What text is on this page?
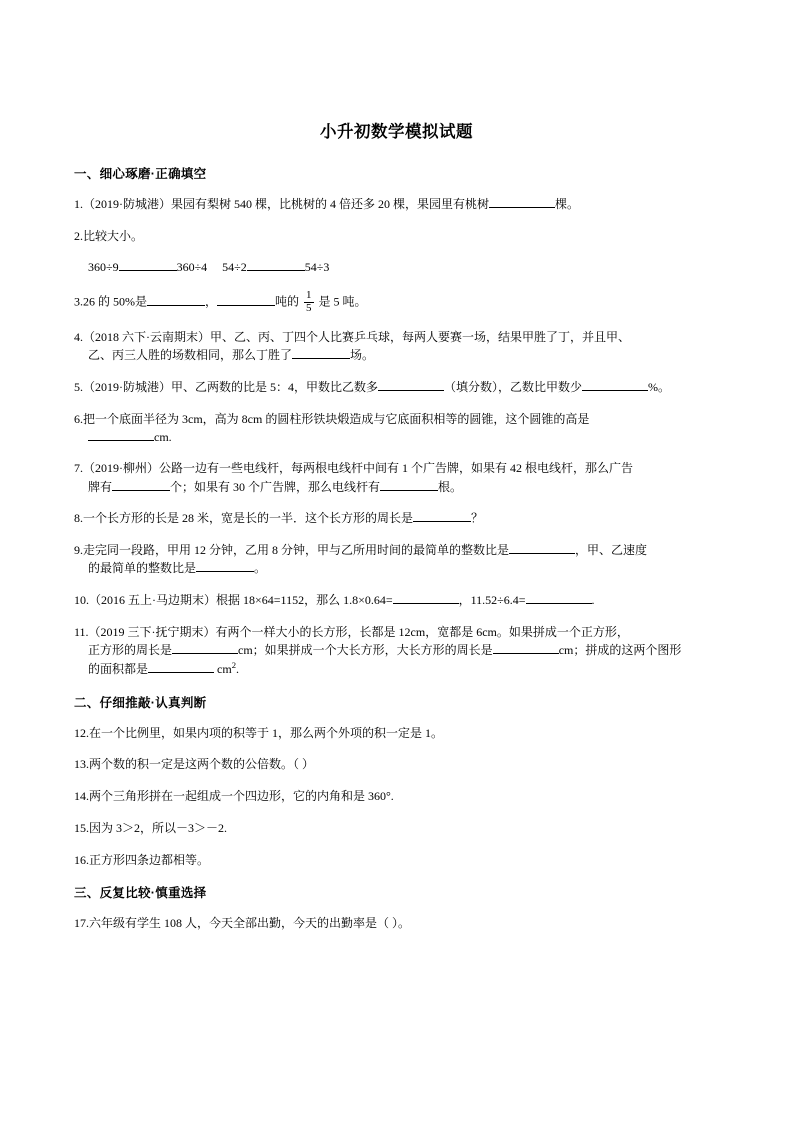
小升初数学模拟试题
一、细心琢磨·正确填空
1.（2019·防城港）果园有梨树 540 棵，比桃树的 4 倍还多 20 棵，果园里有桃树	棵。
2.比较大小。
360÷9	360÷4     54÷2	54÷3
3.26 的 50%是	，	吨的 $\frac{1}{5}$ 是 5 吨。
4.（2018 六下·云南期末）甲、乙、丙、丁四个人比赛乒乓球，每两人要赛一场，结果甲胜了丁，并且甲、
乙、丙三人胜的场数相同，那么丁胜了	场。
5.（2019·防城港）甲、乙两数的比是 5：4，甲数比乙数多	（填分数），乙数比甲数少	%。
6.把一个底面半径为 3cm，高为 8cm 的圆柱形铁块煅造成与它底面积相等的圆锥，这个圆锥的高是
cm.
7.（2019·柳州）公路一边有一些电线杆，每两根电线杆中间有 1 个广告牌，如果有 42 根电线杆，那么广告
牌有	个；如果有 30 个广告牌，那么电线杆有	根。
8.一个长方形的长是 28 米，宽是长的一半．这个长方形的周长是	？
9.走完同一段路，甲用 12 分钟，乙用 8 分钟，甲与乙所用时间的最简单的整数比是	，甲、乙速度
的最简单的整数比是	。
10.（2016 五上·马边期末）根据 18×64=1152，那么 1.8×0.64=	，11.52÷6.4=	.
11.（2019 三下·抚宁期末）有两个一样大小的长方形，长都是 12cm，宽都是 6cm。如果拼成一个正方形，
正方形的周长是	cm；如果拼成一个大长方形，大长方形的周长是	cm；拼成的这两个图形
的面积都是	$cm^2$.
二、仔细推敲·认真判断
12.在一个比例里，如果内项的积等于 1，那么两个外项的积一定是 1。
13.两个数的积一定是这两个数的公倍数。（ ）
14.两个三角形拼在一起组成一个四边形，它的内角和是 360°.
15.因为 3＞2，所以－3＞－2.
16.正方形四条边都相等。
三、反复比较·慎重选择
17.六年级有学生 108 人，今天全部出勤，今天的出勤率是（ ）。
